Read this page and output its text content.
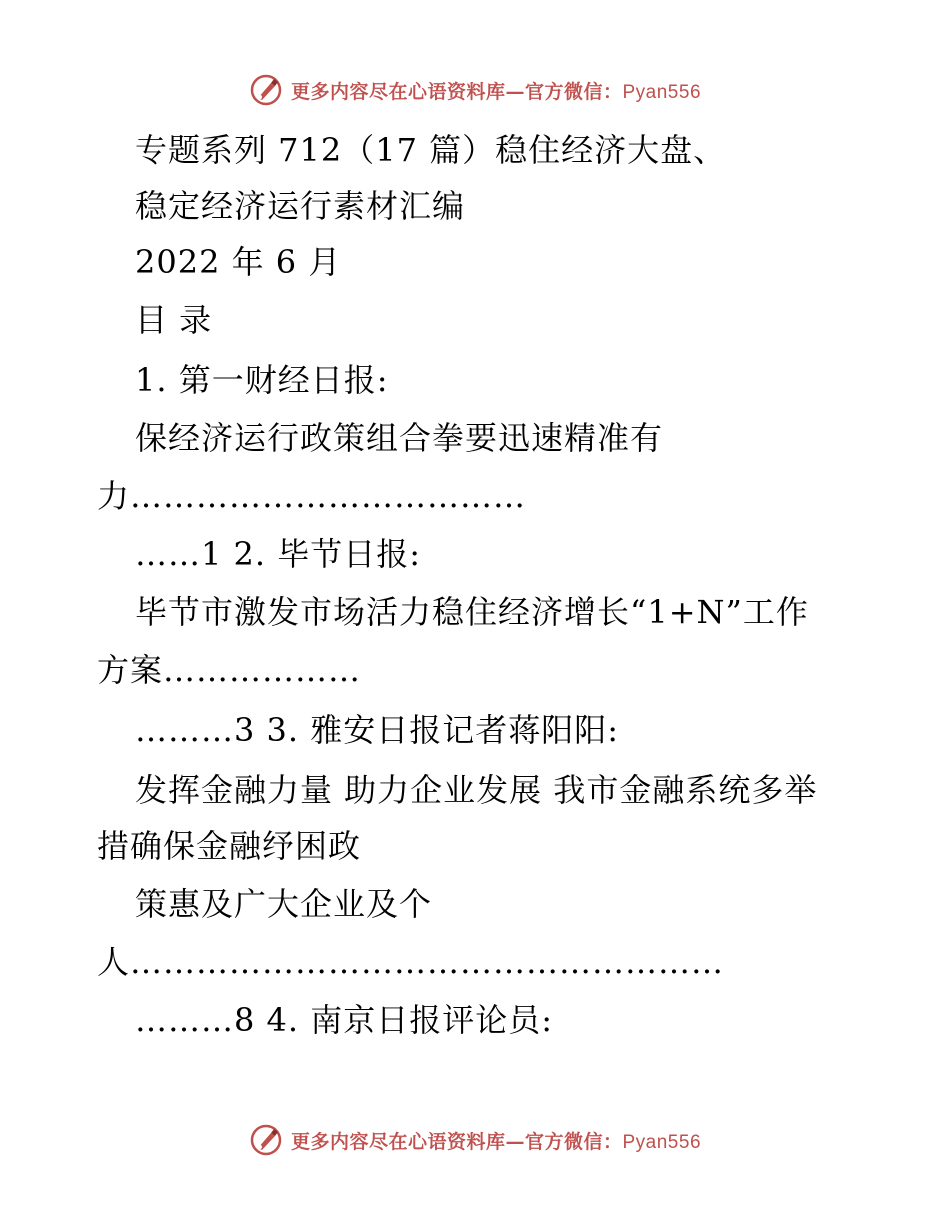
更多内容尽在心语资料库—官方微信：Pyan556
专题系列 712（17 篇）稳住经济大盘、
稳定经济运行素材汇编
2022 年 6 月
目 录
1. 第一财经日报:
保经济运行政策组合拳要迅速精准有
力………………………………
……1 2. 毕节日报:
毕节市激发市场活力稳住经济增长“1+N”工作
方案………………
………3 3. 雅安日报记者蒋阳阳:
发挥金融力量 助力企业发展 我市金融系统多举
措确保金融纾困政
策惠及广大企业及个
人………………………………………………
………8 4. 南京日报评论员:
更多内容尽在心语资料库—官方微信：Pyan556
